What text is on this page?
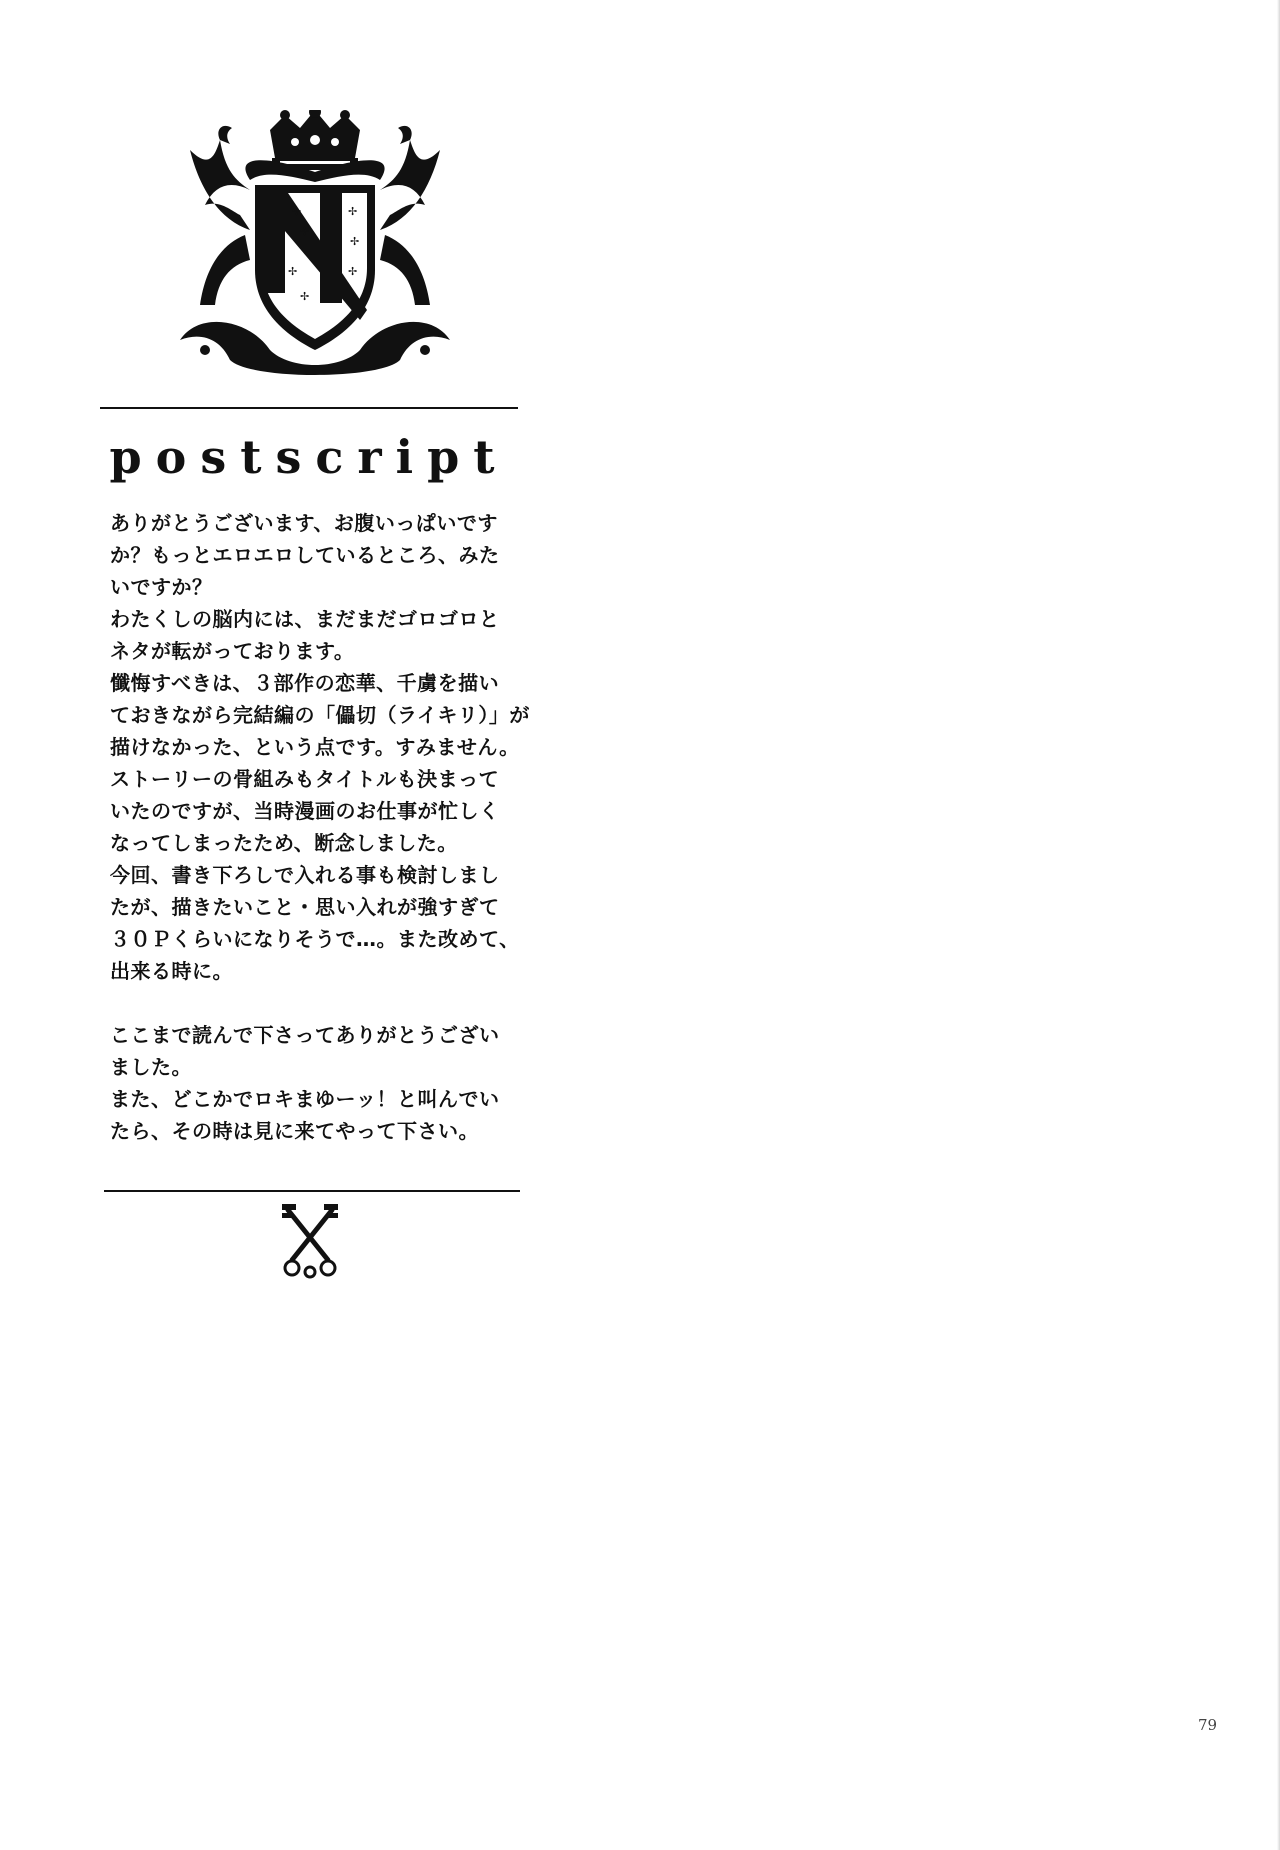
✢
✢
✢
✢
✢
✢
✢
postscript

ありがとうございます、お腹いっぱいです
か？もっとエロエロしているところ、みた
いですか？
わたくしの脳内には、まだまだゴロゴロと
ネタが転がっております。
懺悔すべきは、３部作の恋華、千虜を描い
ておきながら完結編の「儡切（ライキリ）」が
描けなかった、という点です。すみません。
ストーリーの骨組みもタイトルも決まって
いたのですが、当時漫画のお仕事が忙しく
なってしまったため、断念しました。
今回、書き下ろしで入れる事も検討しまし
たが、描きたいこと・思い入れが強すぎて
３０Ｐくらいになりそうで…。また改めて、
出来る時に。

ここまで読んで下さってありがとうござい
ました。
また、どこかでロキまゆーッ！と叫んでい
たら、その時は見に来てやって下さい。

79
